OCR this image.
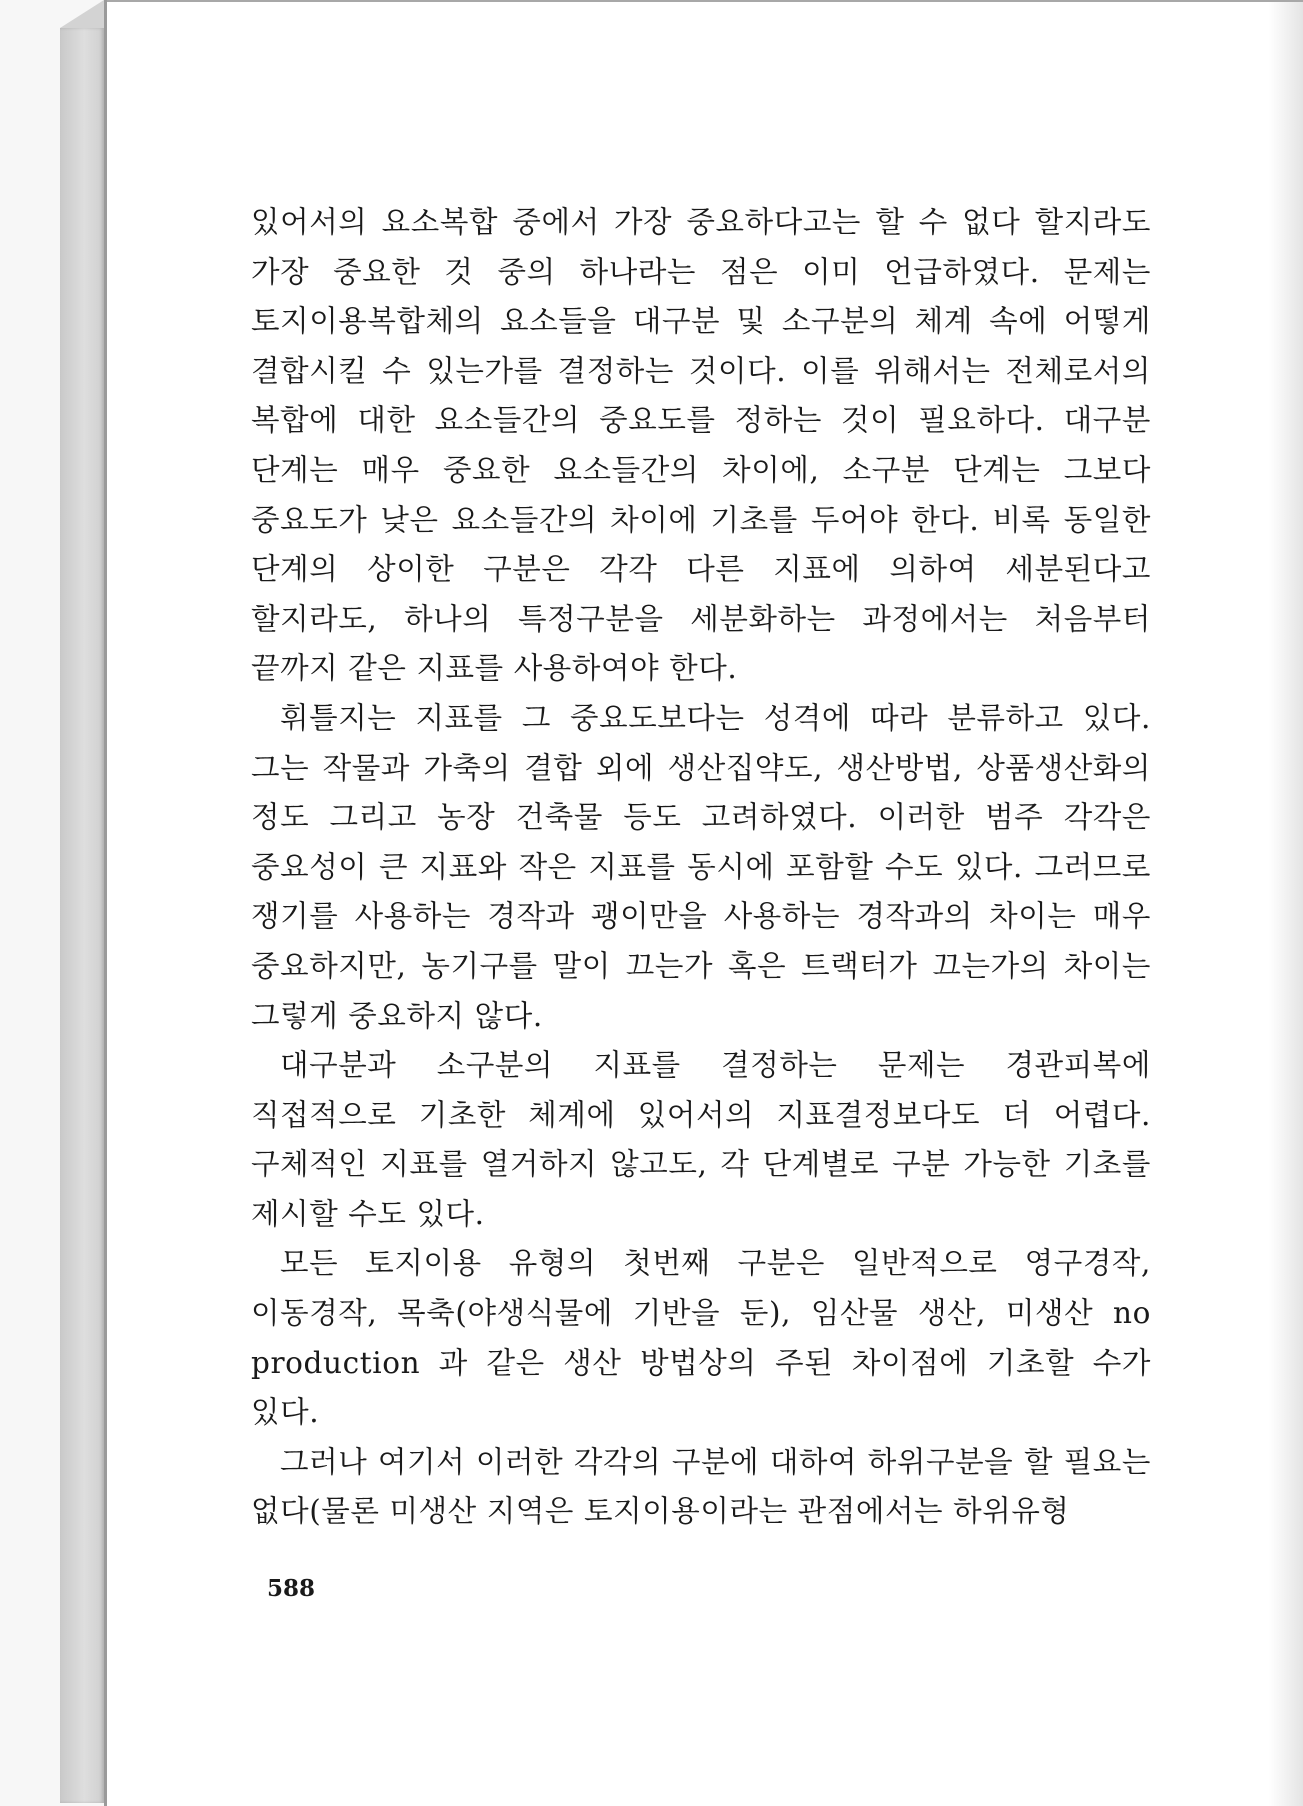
있어서의 요소복합 중에서 가장 중요하다고는 할 수 없다 할지라도 가장 중요한 것 중의 하나라는 점은 이미 언급하였다. 문제는 토지이용복합체의 요소들을 대구분 및 소구분의 체계 속에 어떻게 결합시킬 수 있는가를 결정하는 것이다. 이를 위해서는 전체로서의 복합에 대한 요소들간의 중요도를 정하는 것이 필요하다. 대구분 단계는 매우 중요한 요소들간의 차이에, 소구분 단계는 그보다 중요도가 낮은 요소들간의 차이에 기초를 두어야 한다. 비록 동일한 단계의 상이한 구분은 각각 다른 지표에 의하여 세분된다고 할지라도, 하나의 특정구분을 세분화하는 과정에서는 처음부터 끝까지 같은 지표를 사용하여야 한다.

휘틀지는 지표를 그 중요도보다는 성격에 따라 분류하고 있다. 그는 작물과 가축의 결합 외에 생산집약도, 생산방법, 상품생산화의 정도 그리고 농장 건축물 등도 고려하였다. 이러한 범주 각각은 중요성이 큰 지표와 작은 지표를 동시에 포함할 수도 있다. 그러므로 쟁기를 사용하는 경작과 괭이만을 사용하는 경작과의 차이는 매우 중요하지만, 농기구를 말이 끄는가 혹은 트랙터가 끄는가의 차이는 그렇게 중요하지 않다.

대구분과 소구분의 지표를 결정하는 문제는 경관피복에 직접적으로 기초한 체계에 있어서의 지표결정보다도 더 어렵다. 구체적인 지표를 열거하지 않고도, 각 단계별로 구분 가능한 기초를 제시할 수도 있다.

모든 토지이용 유형의 첫번째 구분은 일반적으로 영구경작, 이동경작, 목축(야생식물에 기반을 둔), 임산물 생산, 미생산 no production 과 같은 생산 방법상의 주된 차이점에 기초할 수가 있다.

그러나 여기서 이러한 각각의 구분에 대하여 하위구분을 할 필요는 없다(물론 미생산 지역은 토지이용이라는 관점에서는 하위유형

588
